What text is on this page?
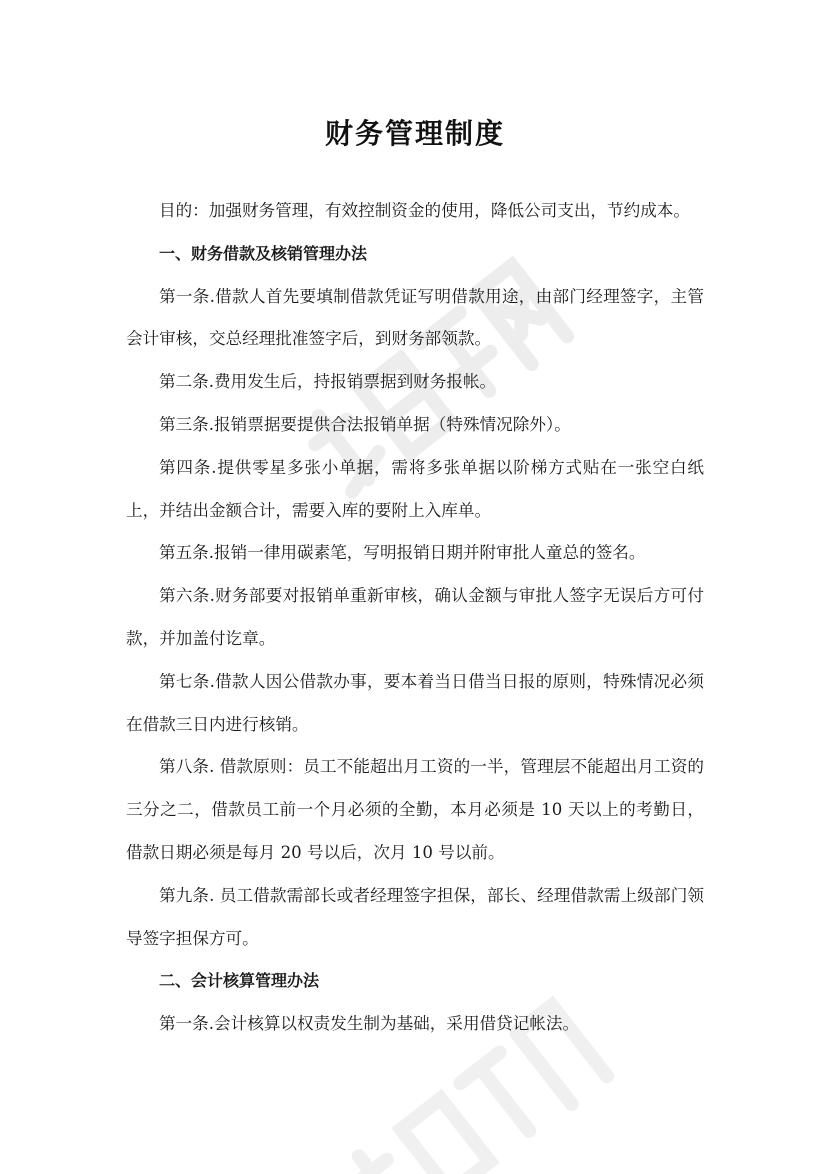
财务管理制度

目的：加强财务管理，有效控制资金的使用，降低公司支出，节约成本。

一、财务借款及核销管理办法

第一条.借款人首先要填制借款凭证写明借款用途，由部门经理签字，主管会计审核，交总经理批准签字后，到财务部领款。

第二条.费用发生后，持报销票据到财务报帐。

第三条.报销票据要提供合法报销单据（特殊情况除外）。

第四条.提供零星多张小单据，需将多张单据以阶梯方式贴在一张空白纸上，并结出金额合计，需要入库的要附上入库单。

第五条.报销一律用碳素笔，写明报销日期并附审批人童总的签名。

第六条.财务部要对报销单重新审核，确认金额与审批人签字无误后方可付款，并加盖付讫章。

第七条.借款人因公借款办事，要本着当日借当日报的原则，特殊情况必须在借款三日内进行核销。

第八条. 借款原则：员工不能超出月工资的一半，管理层不能超出月工资的三分之二，借款员工前一个月必须的全勤，本月必须是 10 天以上的考勤日，借款日期必须是每月 20 号以后，次月 10 号以前。

第九条. 员工借款需部长或者经理签字担保，部长、经理借款需上级部门领导签字担保方可。

二、会计核算管理办法

第一条.会计核算以权责发生制为基础，采用借贷记帐法。
